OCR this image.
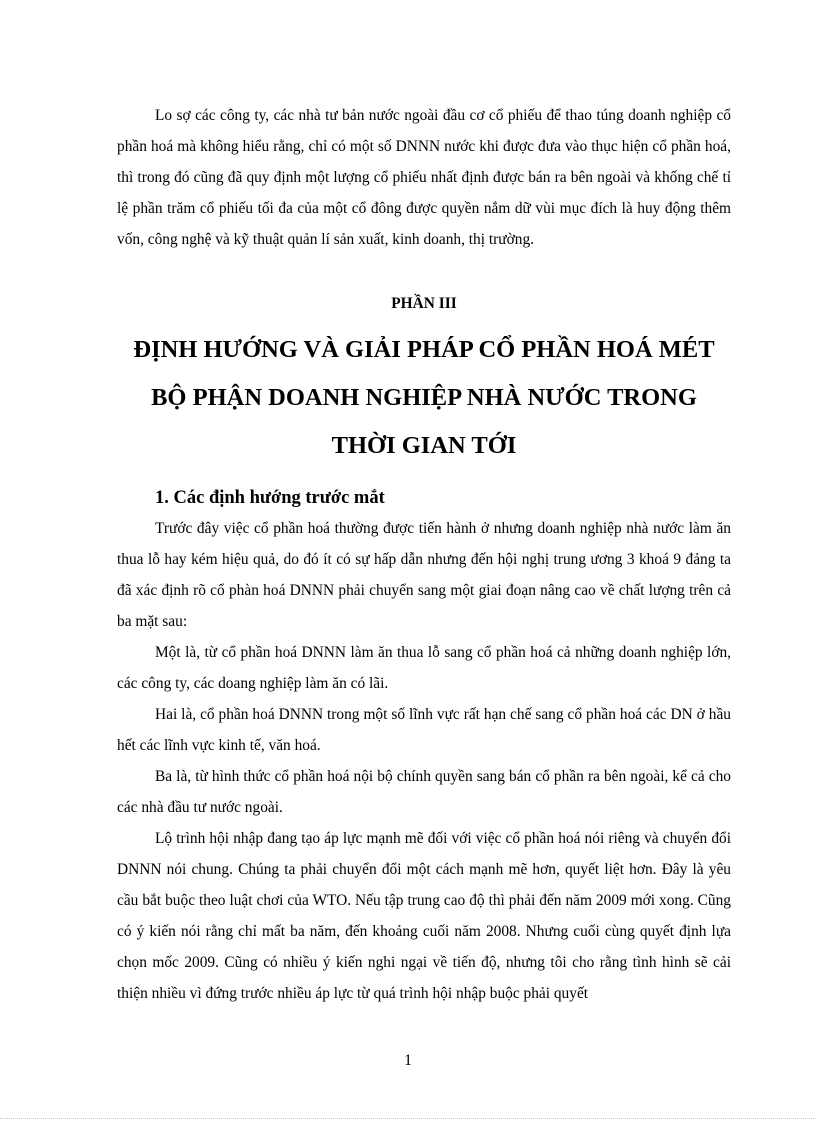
Lo sợ các công ty, các nhà tư bản nước ngoài đầu cơ cổ phiếu để thao túng doanh nghiệp cổ phần hoá mà không hiểu rằng, chỉ có một số DNNN nước khi được đưa vào thục hiện cổ phần hoá, thì trong đó cũng đã quy định một lượng cổ phiếu nhất định được bán ra bên ngoài và khống chế tỉ lệ phần trăm cổ phiếu tối đa của một cổ đông được quyền nắm dữ vùi mục đích là huy động thêm vốn, công nghệ và kỹ thuật quản lí sản xuất, kinh doanh, thị trường.

PHẦN III
ĐỊNH HƯỚNG VÀ GIẢI PHÁP CỔ PHẦN HOÁ MÉT BỘ PHẬN DOANH NGHIỆP NHÀ NƯỚC TRONG THỜI GIAN TỚI
1. Các định hướng trước mắt

Trước đây việc cổ phần hoá thường được tiến hành ở nhưng doanh nghiệp nhà nước làm ăn thua lỗ hay kém hiệu quả, do đó ít có sự hấp dẫn nhưng đến hội nghị trung ương 3 khoá 9 đảng ta đã xác định rõ cổ phàn hoá DNNN phải chuyển sang một giai đoạn nâng cao về chất lượng trên cả ba mặt sau:

Một là, từ cổ phần hoá DNNN làm ăn thua lỗ sang cổ phần hoá cả những doanh nghiệp lớn, các công ty, các doang nghiệp làm ăn có lãi.

Hai là, cổ phần hoá DNNN trong một số lĩnh vực rất hạn chế sang cổ phần hoá các DN ở hầu hết các lĩnh vực kinh tế, văn hoá.

Ba là, từ hình thức cổ phần hoá nội bộ chính quyền sang bán cổ phần ra bên ngoài, kể cả cho các nhà đầu tư nước ngoài.

Lộ trình hội nhập đang tạo áp lực mạnh mẽ đối với việc cổ phần hoá nói riêng và chuyển đổi DNNN nói chung. Chúng ta phải chuyển đổi một cách mạnh mẽ hơn, quyết liệt hơn. Đây là yêu cầu bắt buộc theo luật chơi của WTO. Nếu tập trung cao độ thì phải đến năm 2009 mới xong. Cũng có ý kiến nói rằng chỉ mất ba năm, đến khoảng cuối năm 2008. Nhưng cuối cùng quyết định lựa chọn mốc 2009. Cũng có nhiều ý kiến nghi ngại về tiến độ, nhưng tôi cho rằng tình hình sẽ cải thiện nhiều vì đứng trước nhiều áp lực từ quá trình hội nhập buộc phải quyết

1
